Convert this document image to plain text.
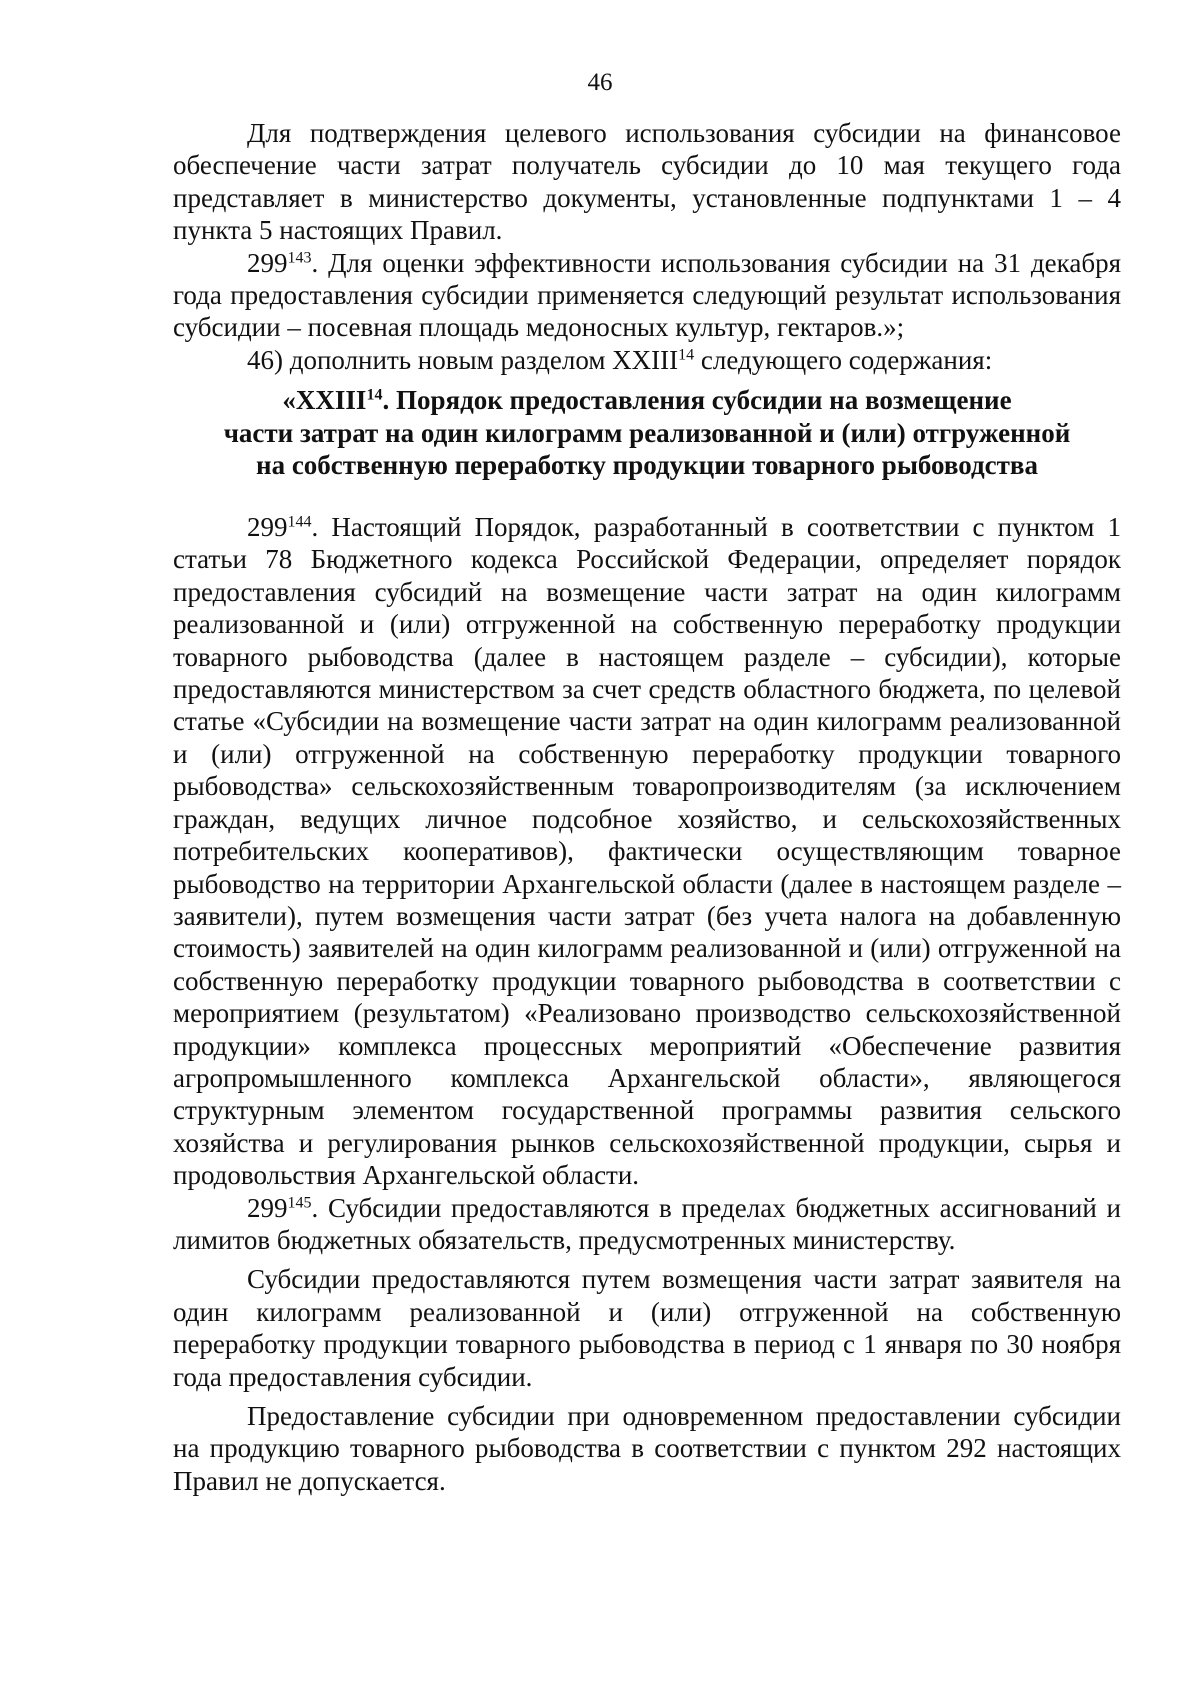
46

Для подтверждения целевого использования субсидии на финансовое обеспечение части затрат получатель субсидии до 10 мая текущего года представляет в министерство документы, установленные подпунктами 1 – 4 пункта 5 настоящих Правил.

$299^{143}$. Для оценки эффективности использования субсидии на 31 декабря года предоставления субсидии применяется следующий результат использования субсидии – посевная площадь медоносных культур, гектаров.»;

46) дополнить новым разделом XXIII$^{14}$ следующего содержания:

«XXIII$^{14}$. Порядок предоставления субсидии на возмещение
части затрат на один килограмм реализованной и (или) отгруженной
на собственную переработку продукции товарного рыбоводства

$299^{144}$. Настоящий Порядок, разработанный в соответствии с пунктом 1 статьи 78 Бюджетного кодекса Российской Федерации, определяет порядок предоставления субсидий на возмещение части затрат на один килограмм реализованной и (или) отгруженной на собственную переработку продукции товарного рыбоводства (далее в настоящем разделе – субсидии), которые предоставляются министерством за счет средств областного бюджета, по целевой статье «Субсидии на возмещение части затрат на один килограмм реализованной и (или) отгруженной на собственную переработку продукции товарного рыбоводства» сельскохозяйственным товаропроизводителям (за исключением граждан, ведущих личное подсобное хозяйство, и сельскохозяйственных потребительских кооперативов), фактически осуществляющим товарное рыбоводство на территории Архангельской области (далее в настоящем разделе – заявители), путем возмещения части затрат (без учета налога на добавленную стоимость) заявителей на один килограмм реализованной и (или) отгруженной на собственную переработку продукции товарного рыбоводства в соответствии с мероприятием (результатом) «Реализовано производство сельскохозяйственной продукции» комплекса процессных мероприятий «Обеспечение развития агропромышленного комплекса Архангельской области», являющегося структурным элементом государственной программы развития сельского хозяйства и регулирования рынков сельскохозяйственной продукции, сырья и продовольствия Архангельской области.

$299^{145}$. Субсидии предоставляются в пределах бюджетных ассигнований и лимитов бюджетных обязательств, предусмотренных министерству.

Субсидии предоставляются путем возмещения части затрат заявителя на один килограмм реализованной и (или) отгруженной на собственную переработку продукции товарного рыбоводства в период с 1 января по 30 ноября года предоставления субсидии.

Предоставление субсидии при одновременном предоставлении субсидии на продукцию товарного рыбоводства в соответствии с пунктом 292 настоящих Правил не допускается.
